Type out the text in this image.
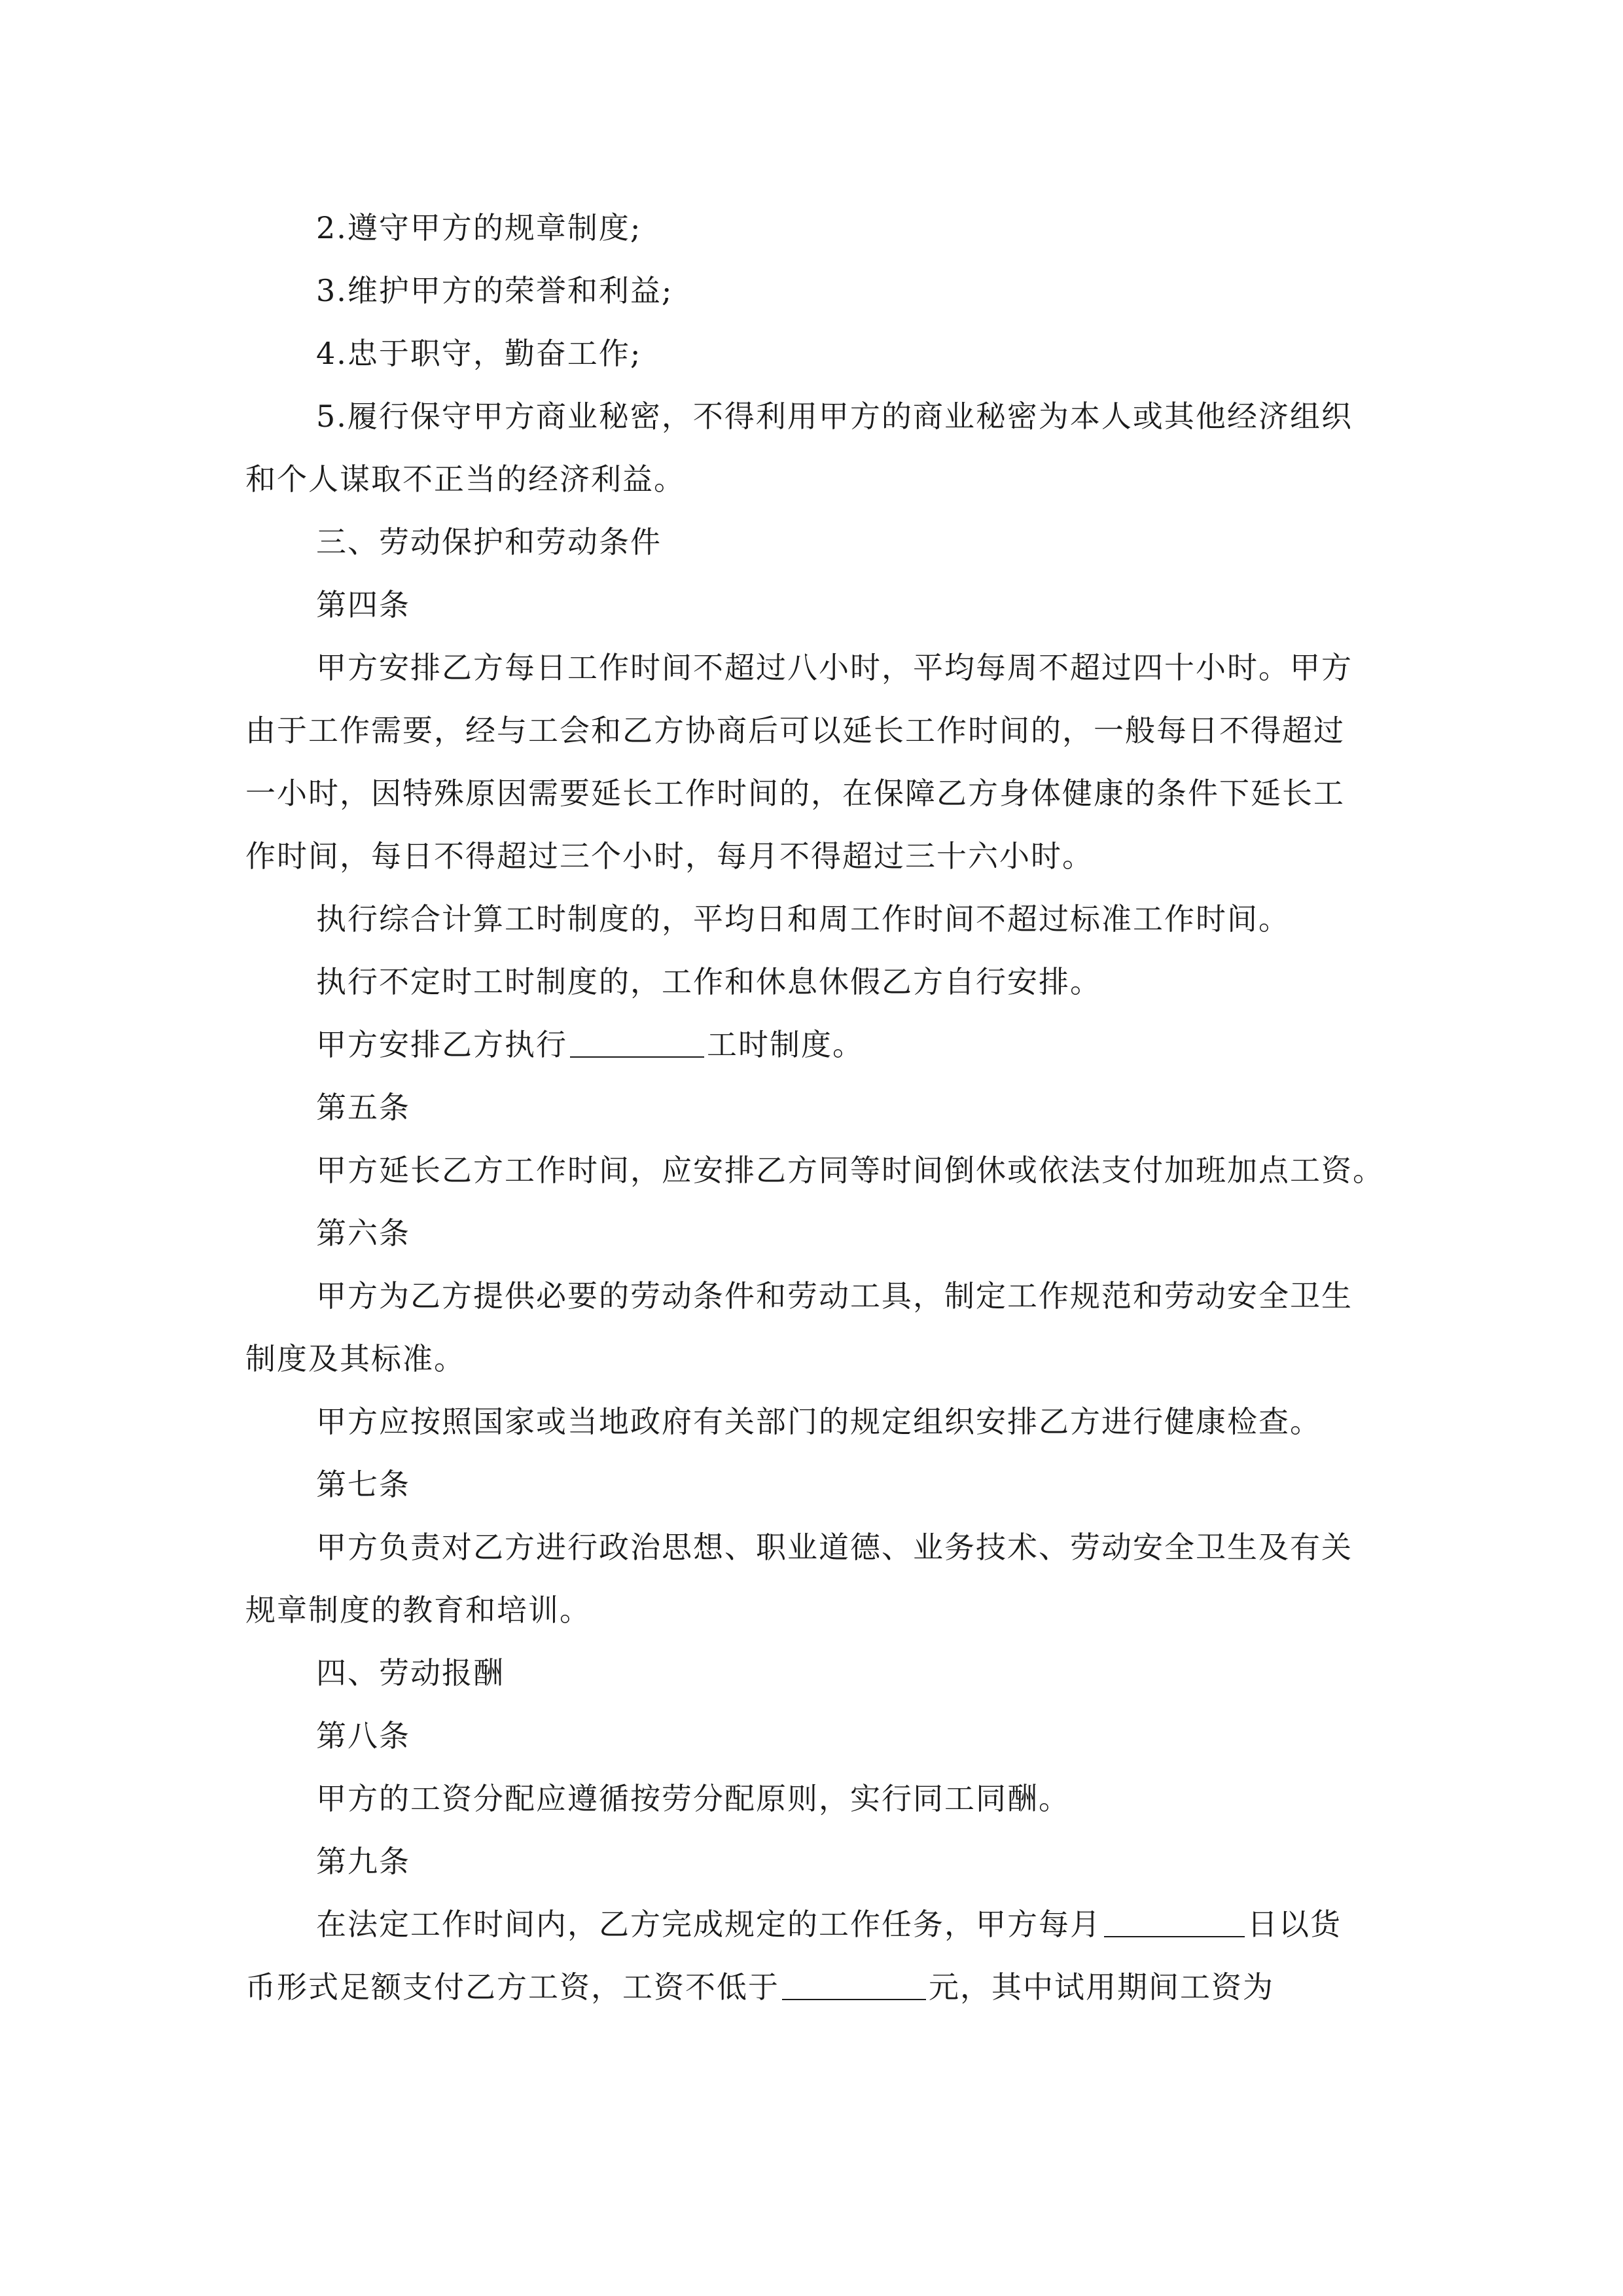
2.遵守甲方的规章制度;
3.维护甲方的荣誉和利益;
4.忠于职守，勤奋工作;
5.履行保守甲方商业秘密，不得利用甲方的商业秘密为本人或其他经济组织
和个人谋取不正当的经济利益。
三、劳动保护和劳动条件
第四条
甲方安排乙方每日工作时间不超过八小时，平均每周不超过四十小时。甲方
由于工作需要，经与工会和乙方协商后可以延长工作时间的，一般每日不得超过
一小时，因特殊原因需要延长工作时间的，在保障乙方身体健康的条件下延长工
作时间，每日不得超过三个小时，每月不得超过三十六小时。
执行综合计算工时制度的，平均日和周工作时间不超过标准工作时间。
执行不定时工时制度的，工作和休息休假乙方自行安排。
甲方安排乙方执行	工时制度。
第五条
甲方延长乙方工作时间，应安排乙方同等时间倒休或依法支付加班加点工资。
第六条
甲方为乙方提供必要的劳动条件和劳动工具，制定工作规范和劳动安全卫生
制度及其标准。
甲方应按照国家或当地政府有关部门的规定组织安排乙方进行健康检查。
第七条
甲方负责对乙方进行政治思想、职业道德、业务技术、劳动安全卫生及有关
规章制度的教育和培训。
四、劳动报酬
第八条
甲方的工资分配应遵循按劳分配原则，实行同工同酬。
第九条
在法定工作时间内，乙方完成规定的工作任务，甲方每月	日以货
币形式足额支付乙方工资，工资不低于	元，其中试用期间工资为
